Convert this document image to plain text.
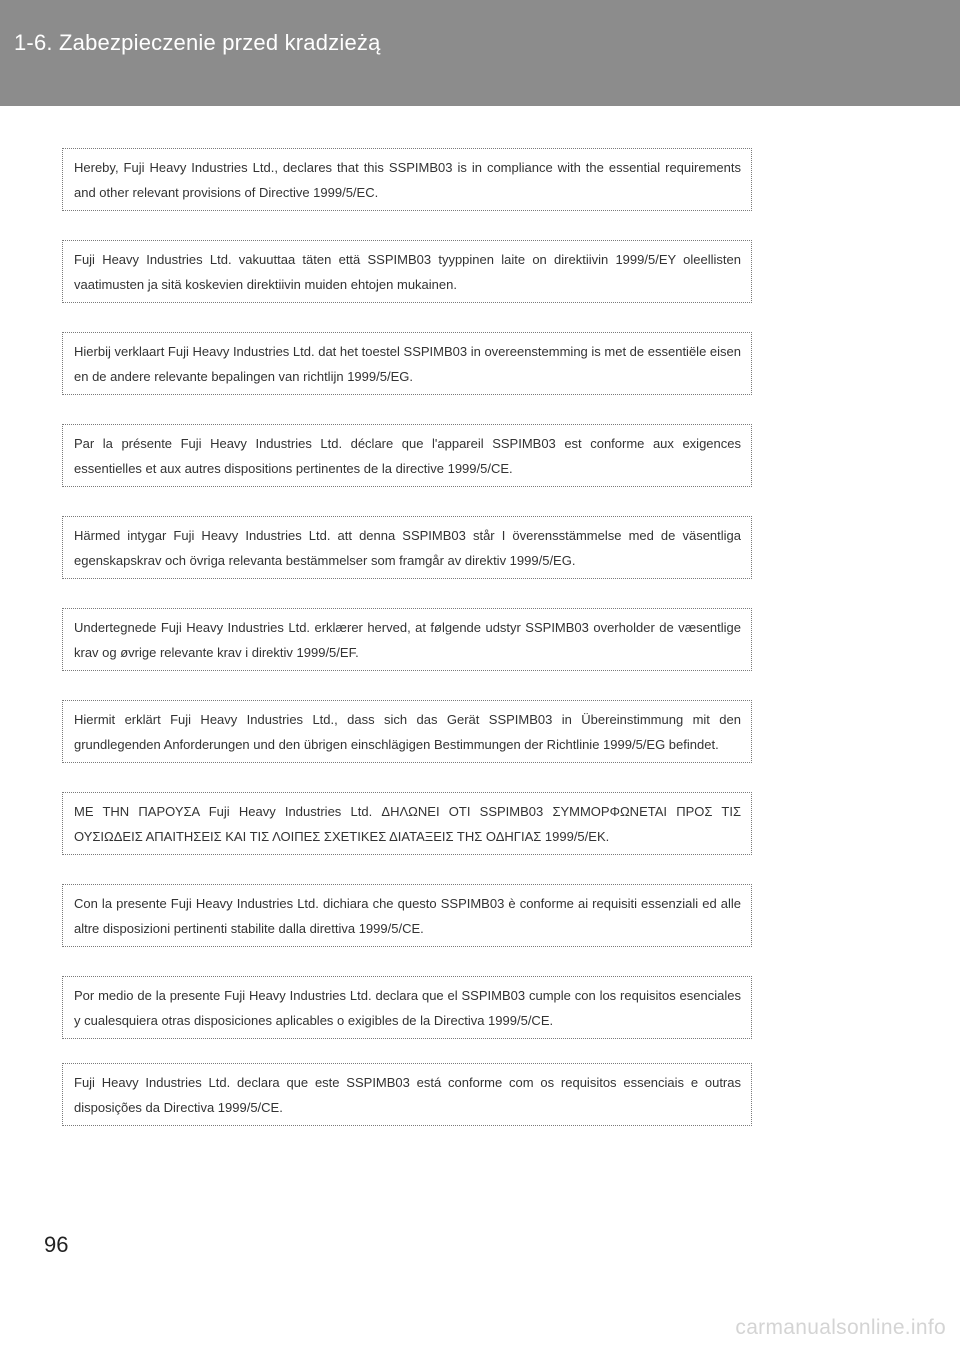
1-6. Zabezpieczenie przed kradzieżą
Hereby, Fuji Heavy Industries Ltd., declares that this SSPIMB03 is in compliance with the essential requirements and other relevant provisions of Directive 1999/5/EC.
Fuji Heavy Industries Ltd. vakuuttaa täten että SSPIMB03 tyyppinen laite on direktiivin 1999/5/EY oleellisten vaatimusten ja sitä koskevien direktiivin muiden ehtojen mukainen.
Hierbij verklaart Fuji Heavy Industries Ltd. dat het toestel SSPIMB03 in overeenstemming is met de essentiële eisen en de andere relevante bepalingen van richtlijn 1999/5/EG.
Par la présente Fuji Heavy Industries Ltd. déclare que l'appareil SSPIMB03 est conforme aux exigences essentielles et aux autres dispositions pertinentes de la directive 1999/5/CE.
Härmed intygar Fuji Heavy Industries Ltd. att denna SSPIMB03 står I överensstämmelse med de väsentliga egenskapskrav och övriga relevanta bestämmelser som framgår av direktiv 1999/5/EG.
Undertegnede Fuji Heavy Industries Ltd. erklærer herved, at følgende udstyr SSPIMB03 overholder de væsentlige krav og øvrige relevante krav i direktiv 1999/5/EF.
Hiermit erklärt Fuji Heavy Industries Ltd., dass sich das Gerät SSPIMB03 in Übereinstimmung mit den grundlegenden Anforderungen und den übrigen einschlägigen Bestimmungen der Richtlinie 1999/5/EG befindet.
ΜΕ ΤΗΝ ΠΑΡΟΥΣΑ Fuji Heavy Industries Ltd. ΔΗΛΩΝΕΙ ΟΤΙ SSPIMB03 ΣΥΜΜΟΡΦΩΝΕΤΑΙ ΠΡΟΣ ΤΙΣ ΟΥΣΙΩΔΕΙΣ ΑΠΑΙΤΗΣΕΙΣ ΚΑΙ ΤΙΣ ΛΟΙΠΕΣ ΣΧΕΤΙΚΕΣ ΔΙΑΤΑΞΕΙΣ ΤΗΣ ΟΔΗΓΙΑΣ 1999/5/ΕΚ.
Con la presente Fuji Heavy Industries Ltd. dichiara che questo SSPIMB03 è conforme ai requisiti essenziali ed alle altre disposizioni pertinenti stabilite dalla direttiva 1999/5/CE.
Por medio de la presente Fuji Heavy Industries Ltd. declara que el SSPIMB03 cumple con los requisitos esenciales y cualesquiera otras disposiciones aplicables o exigibles de la Directiva 1999/5/CE.
Fuji Heavy Industries Ltd. declara que este SSPIMB03 está conforme com os requisitos essenciais e outras disposições da Directiva 1999/5/CE.
96
carmanualsonline.info
